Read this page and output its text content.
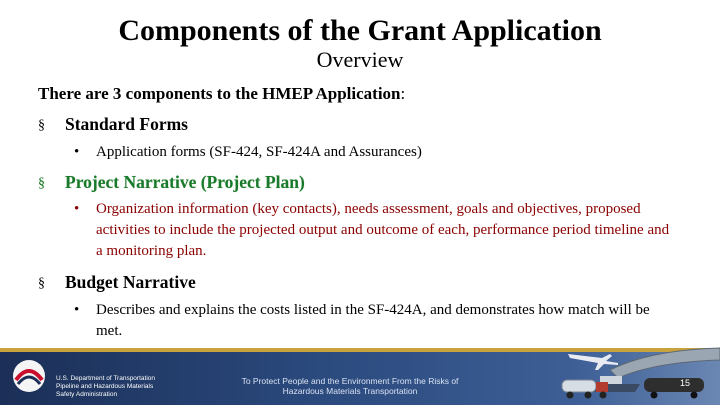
Components of the Grant Application
Overview
There are 3 components to the HMEP Application:
§	Standard Forms
•	Application forms (SF-424, SF-424A and Assurances)
§	Project Narrative (Project Plan)
•	Organization information (key contacts), needs assessment, goals and objectives, proposed activities to include the projected output and outcome of each, performance period timeline and a monitoring plan.
§	Budget Narrative
•	Describes and explains the costs listed in the SF-424A, and demonstrates how match will be met.
U.S. Department of Transportation
Pipeline and Hazardous Materials
Safety Administration
To Protect People and the Environment From the Risks of
Hazardous Materials Transportation
15
